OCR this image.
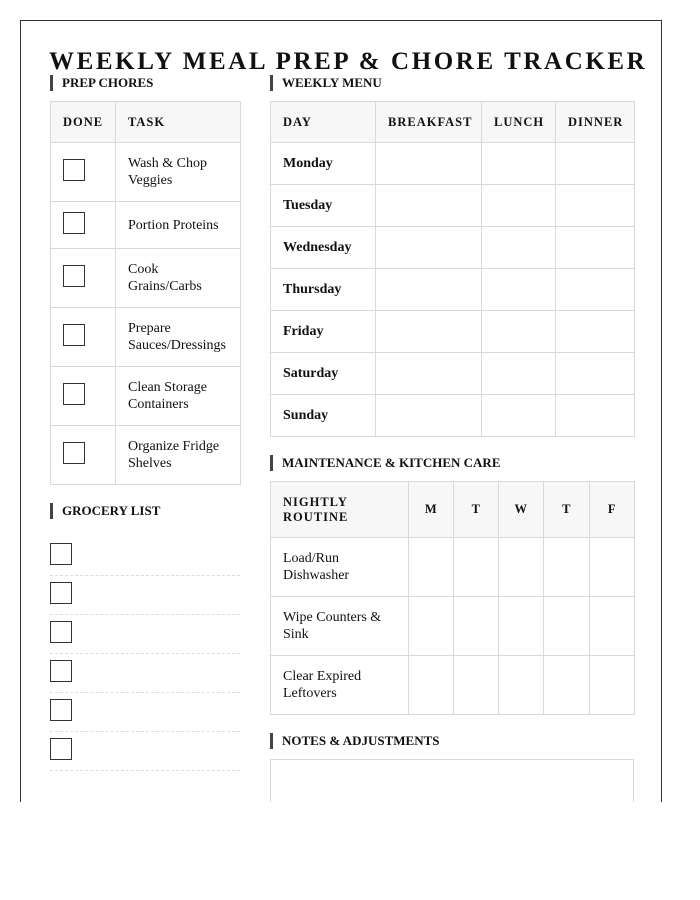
WEEKLY MEAL PREP & CHORE TRACKER
PREP CHORES
DONE	TASK
	Wash & Chop Veggies
	Portion Proteins
	Cook Grains/Carbs
	Prepare Sauces/Dressings
	Clean Storage Containers
	Organize Fridge Shelves
GROCERY LIST
WEEKLY MENU
DAY	BREAKFAST	LUNCH	DINNER
Monday			
Tuesday			
Wednesday			
Thursday			
Friday			
Saturday			
Sunday			
MAINTENANCE & KITCHEN CARE
NIGHTLY ROUTINE	M	T	W	T	F
Load/Run Dishwasher					
Wipe Counters & Sink					
Clear Expired Leftovers					
NOTES & ADJUSTMENTS
